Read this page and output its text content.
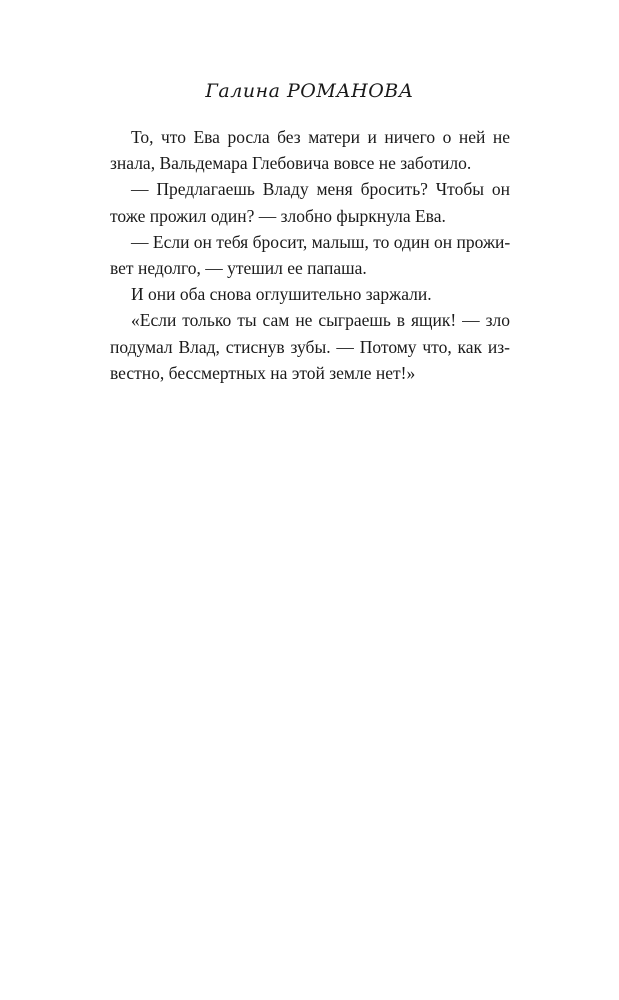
Галина РОМАНОВА
То, что Ева росла без матери и ничего о ней не
знала, Вальдемара Глебовича вовсе не заботило.
— Предлагаешь Владу меня бросить? Чтобы он
тоже прожил один? — злобно фыркнула Ева.
— Если он тебя бросит, малыш, то один он прожи-
вет недолго, — утешил ее папаша.
И они оба снова оглушительно заржали.
«Если только ты сам не сыграешь в ящик! — зло
подумал Влад, стиснув зубы. — Потому что, как из-
вестно, бессмертных на этой земле нет!»
